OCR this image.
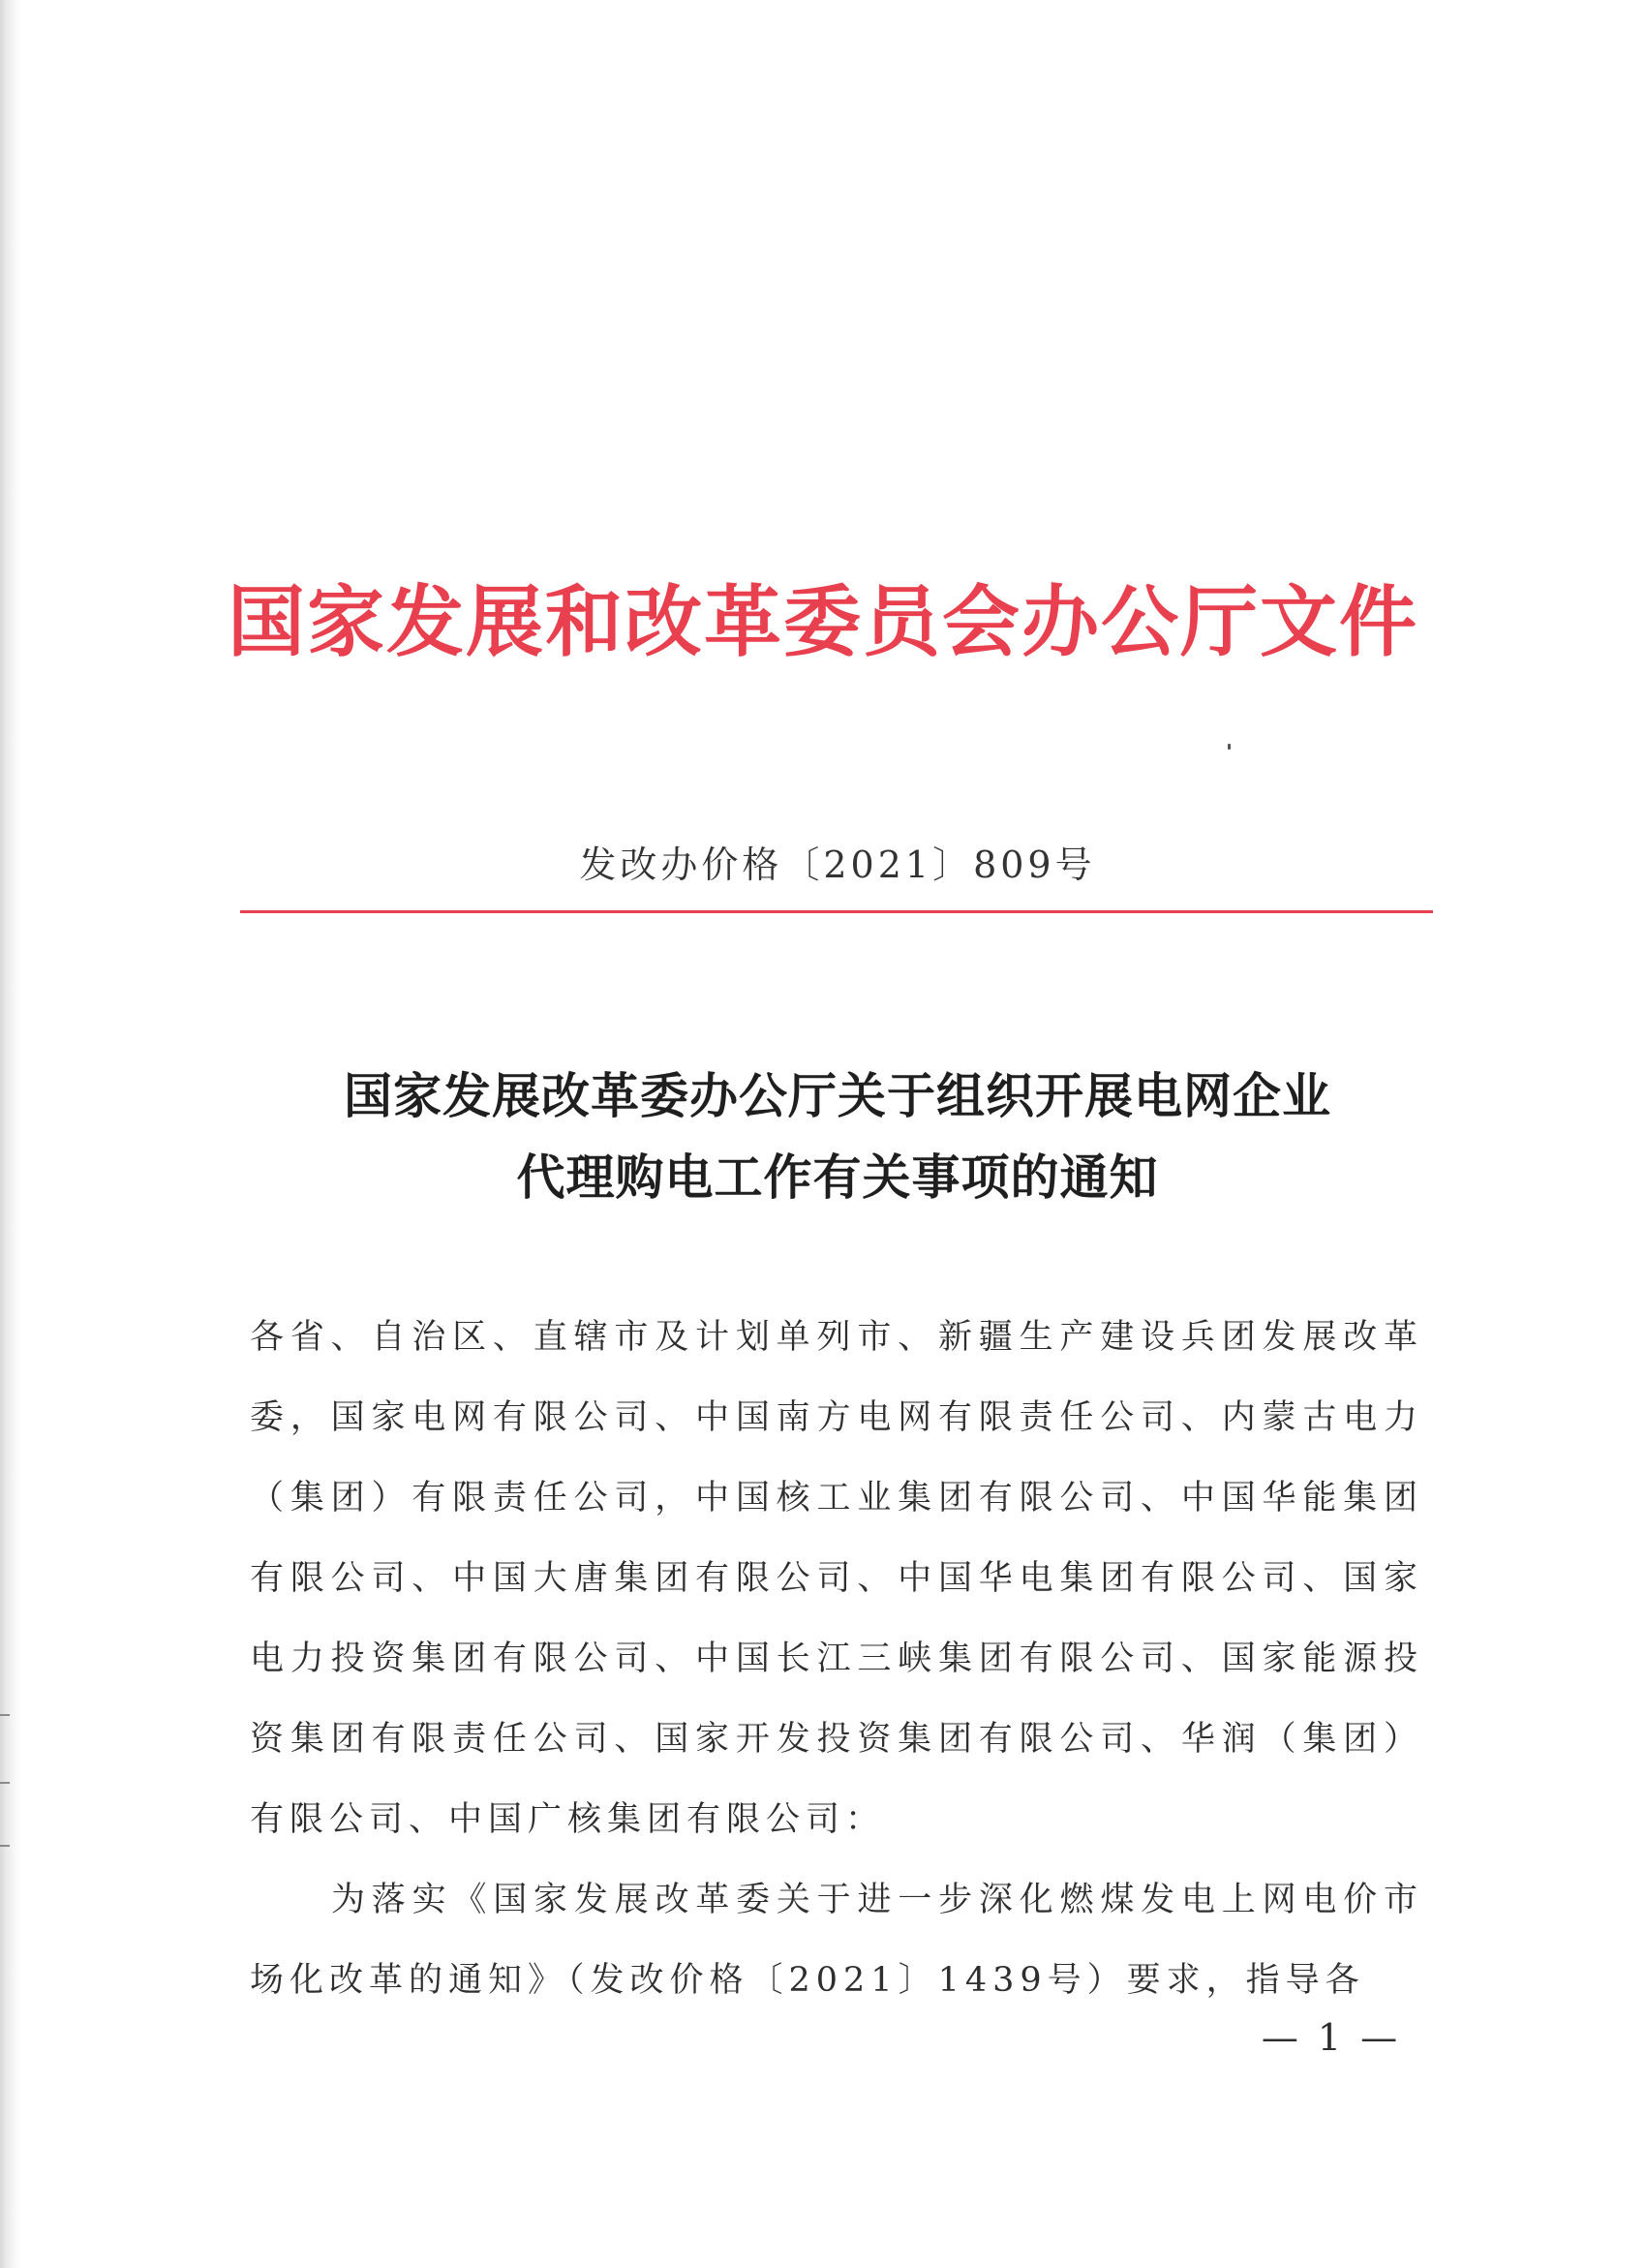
国家发展和改革委员会办公厅文件
发改办价格〔2021〕809号
国家发展改革委办公厅关于组织开展电网企业
代理购电工作有关事项的通知

各省、自治区、直辖市及计划单列市、新疆生产建设兵团发展改革委，国家电网有限公司、中国南方电网有限责任公司、内蒙古电力（集团）有限责任公司，中国核工业集团有限公司、中国华能集团有限公司、中国大唐集团有限公司、中国华电集团有限公司、国家电力投资集团有限公司、中国长江三峡集团有限公司、国家能源投资集团有限责任公司、国家开发投资集团有限公司、华润（集团）有限公司、中国广核集团有限公司：

为落实《国家发展改革委关于进一步深化燃煤发电上网电价市场化改革的通知》（发改价格〔2021〕1439号）要求，指导各

— 1 —
